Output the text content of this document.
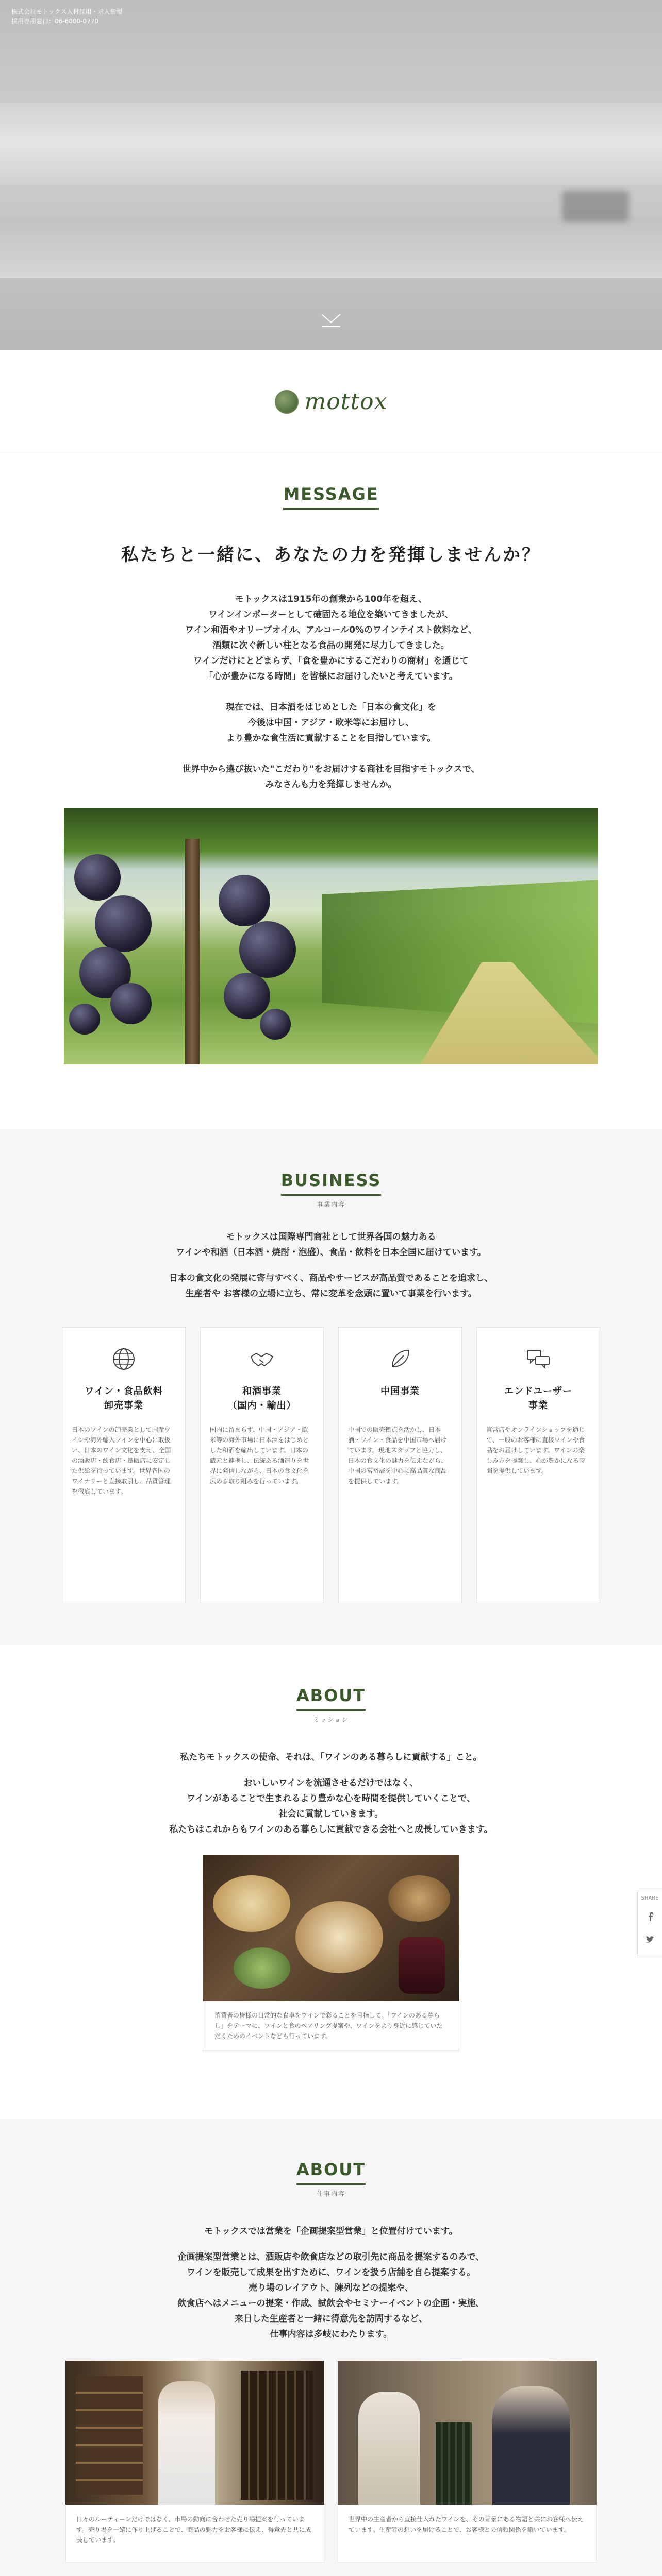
株式会社モトックス人材採用・求人情報
採用専用窓口：06-6000-0770
mottox
MESSAGE
私たちと一緒に、あなたの力を発揮しませんか？
モトックスは1915年の創業から100年を超え、
ワインインポーターとして確固たる地位を築いてきましたが、
ワイン和酒やオリーブオイル、アルコール0%のワインテイスト飲料など、
酒類に次ぐ新しい柱となる食品の開発に尽力してきました。
ワインだけにとどまらず、「食を豊かにするこだわりの商材」を通じて
「心が豊かになる時間」を皆様にお届けしたいと考えています。
現在では、日本酒をはじめとした「日本の食文化」を
今後は中国・アジア・欧米等にお届けし、
より豊かな食生活に貢献することを目指しています。
世界中から選び抜いた"こだわり"をお届けする商社を目指すモトックスで、
みなさんも力を発揮しませんか。
BUSINESS
事業内容
モトックスは国際専門商社として世界各国の魅力ある
ワインや和酒（日本酒・焼酎・泡盛）、食品・飲料を日本全国に届けています。
日本の食文化の発展に寄与すべく、商品やサービスが高品質であることを追求し、
生産者や お客様の立場に立ち、常に変革を念頭に置いて事業を行います。
ワイン・食品飲料
卸売事業

日本のワインの卸売業として国産ワインや海外輸入ワインを中心に取扱い、日本のワイン文化を支え、全国の酒販店・飲食店・量販店に安定した供給を行っています。世界各国のワイナリーと直接取引し、品質管理を徹底しています。

和酒事業
（国内・輸出）

国内に留まらず、中国・アジア・欧米等の海外市場に日本酒をはじめとした和酒を輸出しています。日本の蔵元と連携し、伝統ある酒造りを世界に発信しながら、日本の食文化を広める取り組みを行っています。

中国事業

中国での販売拠点を活かし、日本酒・ワイン・食品を中国市場へ届けています。現地スタッフと協力し、日本の食文化の魅力を伝えながら、中国の富裕層を中心に高品質な商品を提供しています。

エンドユーザー
事業

直営店やオンラインショップを通じて、一般のお客様に直接ワインや食品をお届けしています。ワインの楽しみ方を提案し、心が豊かになる時間を提供しています。

ABOUT
ミッション
私たちモトックスの使命、それは、「ワインのある暮らしに貢献する」こと。
おいしいワインを流通させるだけではなく、
ワインがあることで生まれるより豊かな心を時間を提供していくことで、
社会に貢献していきます。
私たちはこれからもワインのある暮らしに貢献できる会社へと成長していきます。
消費者の皆様の日常的な食卓をワインで彩ることを目指して。「ワインのある暮らし」をテーマに、ワインと食のペアリング提案や、ワインをより身近に感じていただくためのイベントなども行っています。
ABOUT
仕事内容
モトックスでは営業を「企画提案型営業」と位置付けています。
企画提案型営業とは、酒販店や飲食店などの取引先に商品を提案するのみで、
ワインを販売して成果を出すために、ワインを扱う店舗を自ら提案する。
売り場のレイアウト、陳列などの提案や、
飲食店へはメニューの提案・作成、試飲会やセミナーイベントの企画・実施、
来日した生産者と一緒に得意先を訪問するなど、
仕事内容は多岐にわたります。
日々のルーティーンだけではなく、市場の動向に合わせた売り場提案を行っています。売り場を一緒に作り上げることで、商品の魅力をお客様に伝え、得意先と共に成長しています。
世界中の生産者から直接仕入れたワインを、その背景にある物語と共にお客様へ伝えています。生産者の想いを届けることで、お客様との信頼関係を築いています。
SHARE
